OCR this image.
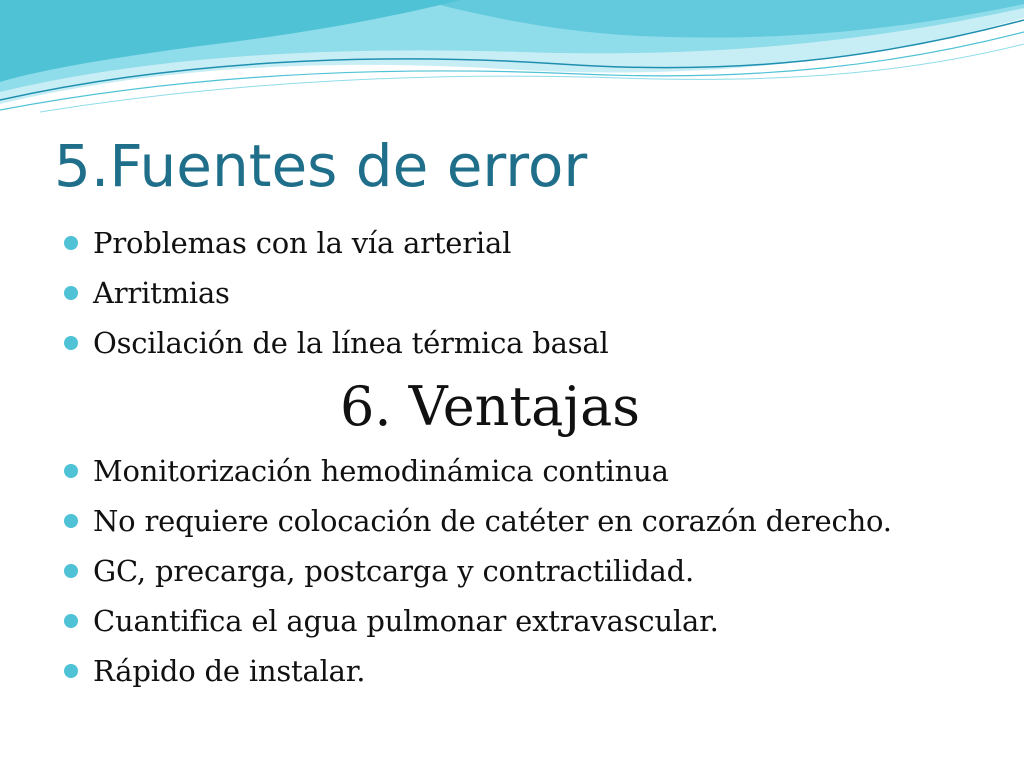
5.Fuentes de error
Problemas con la vía arterial
Arritmias
Oscilación de la línea térmica basal
6. Ventajas
Monitorización hemodinámica continua
No requiere colocación de catéter en corazón derecho.
GC, precarga, postcarga y contractilidad.
Cuantifica el agua pulmonar extravascular.
Rápido de instalar.
